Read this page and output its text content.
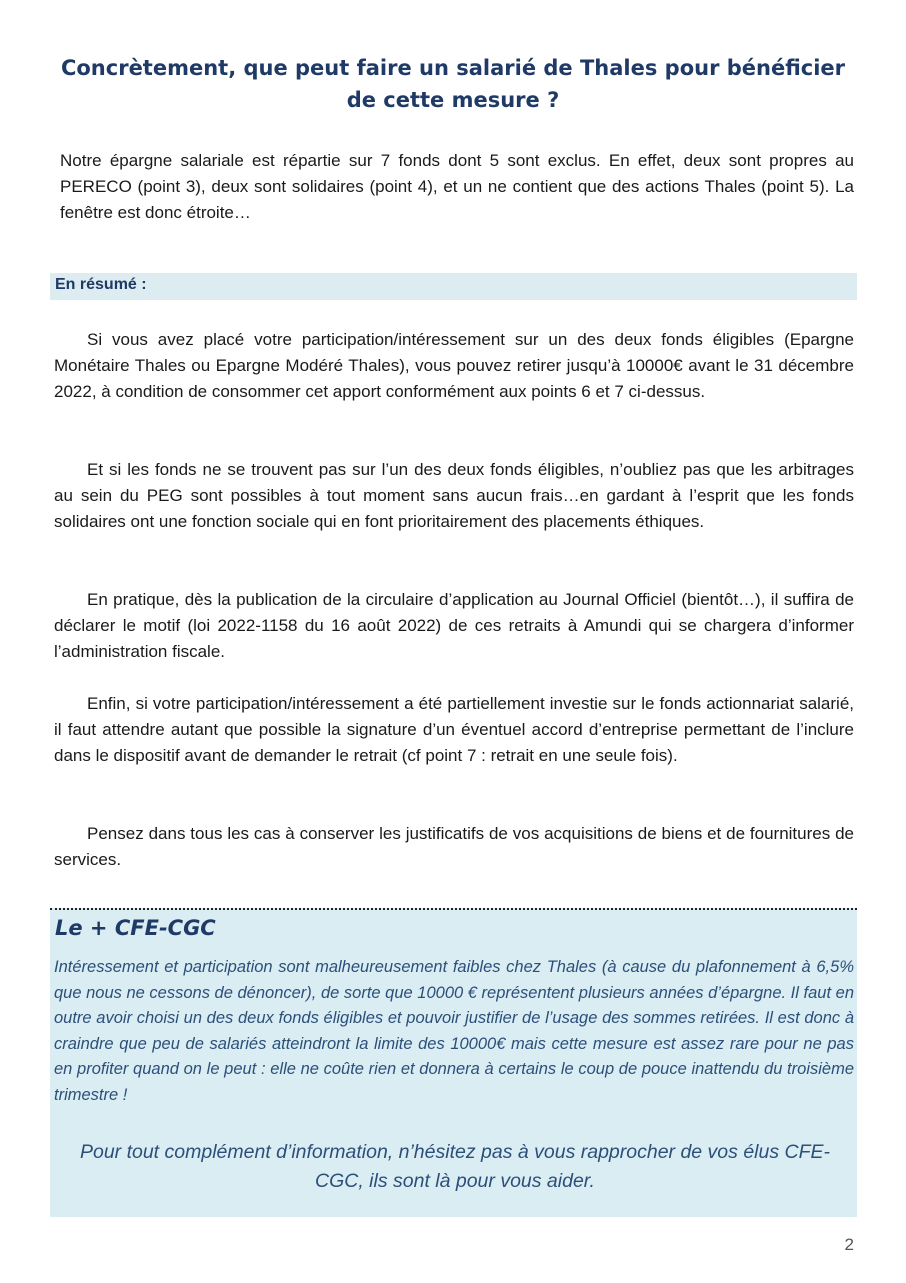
Concrètement, que peut faire un salarié de Thales pour bénéficier de cette mesure ?

Notre épargne salariale est répartie sur 7 fonds dont 5 sont exclus. En effet, deux sont propres au PERECO (point 3), deux sont solidaires (point 4), et un ne contient que des actions Thales (point 5). La fenêtre est donc étroite…

En résumé :

Si vous avez placé votre participation/intéressement sur un des deux fonds éligibles (Epargne Monétaire Thales ou Epargne Modéré Thales), vous pouvez retirer jusqu’à 10000€ avant le 31 décembre 2022, à condition de consommer cet apport conformément aux points 6 et 7 ci-dessus.

Et si les fonds ne se trouvent pas sur l’un des deux fonds éligibles, n’oubliez pas que les arbitrages au sein du PEG sont possibles à tout moment sans aucun frais…en gardant à l’esprit que les fonds solidaires ont une fonction sociale qui en font prioritairement des placements éthiques.

En pratique, dès la publication de la circulaire d’application au Journal Officiel (bientôt…), il suffira de déclarer le motif (loi 2022-1158 du 16 août 2022) de ces retraits à Amundi qui se chargera d’informer l’administration fiscale.

Enfin, si votre participation/intéressement a été partiellement investie sur le fonds actionnariat salarié, il faut attendre autant que possible la signature d’un éventuel accord d’entreprise permettant de l’inclure dans le dispositif avant de demander le retrait (cf point 7 : retrait en une seule fois).

Pensez dans tous les cas à conserver les justificatifs de vos acquisitions de biens et de fournitures de services.

Le + CFE-CGC

Intéressement et participation sont malheureusement faibles chez Thales (à cause du plafonnement à 6,5% que nous ne cessons de dénoncer), de sorte que 10000 € représentent plusieurs années d’épargne. Il faut en outre avoir choisi un des deux fonds éligibles et pouvoir justifier de l’usage des sommes retirées. Il est donc à craindre que peu de salariés atteindront la limite des 10000€ mais cette mesure est assez rare pour ne pas en profiter quand on le peut : elle ne coûte rien et donnera à certains le coup de pouce inattendu du troisième trimestre !

Pour tout complément d’information, n’hésitez pas à vous rapprocher de vos élus CFE-CGC, ils sont là pour vous aider.

2
